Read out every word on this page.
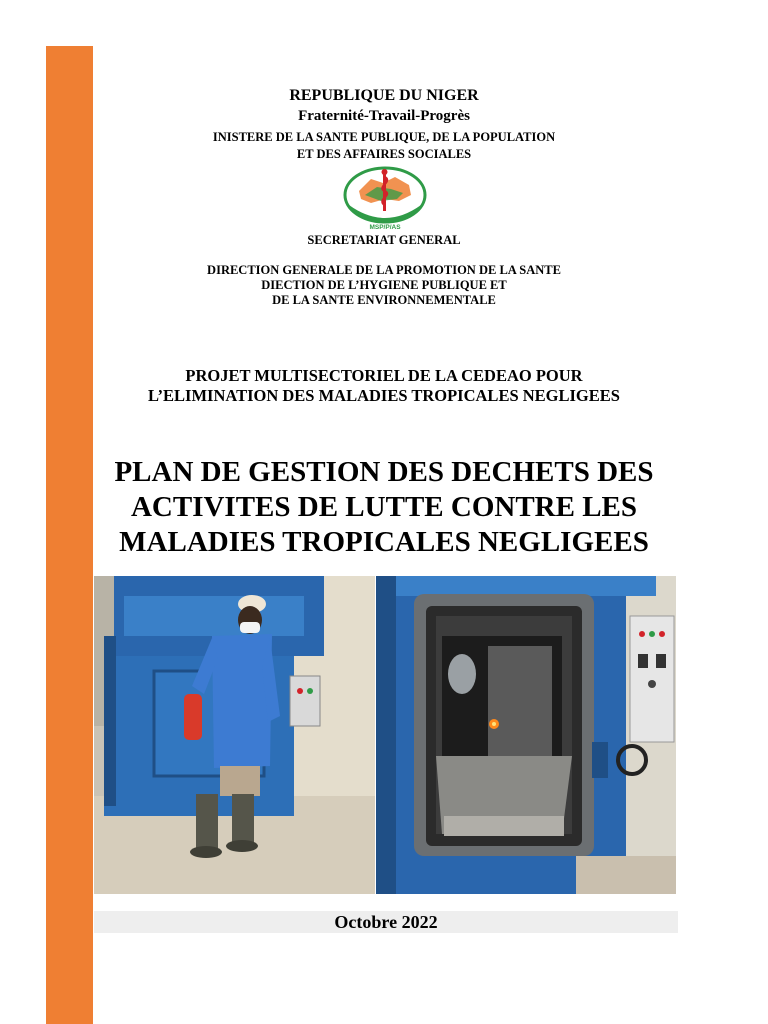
REPUBLIQUE DU NIGER
Fraternité-Travail-Progrès
INISTERE DE LA SANTE PUBLIQUE, DE LA POPULATION
ET DES AFFAIRES SOCIALES
MSP/P/AS
SECRETARIAT GENERAL
DIRECTION GENERALE DE LA PROMOTION DE LA SANTE
DIECTION DE L’HYGIENE PUBLIQUE ET
DE LA SANTE ENVIRONNEMENTALE
PROJET MULTISECTORIEL DE LA CEDEAO POUR
L’ELIMINATION DES MALADIES TROPICALES NEGLIGEES
PLAN DE GESTION DES DECHETS DES
ACTIVITES DE LUTTE CONTRE LES
MALADIES TROPICALES NEGLIGEES
Octobre 2022
